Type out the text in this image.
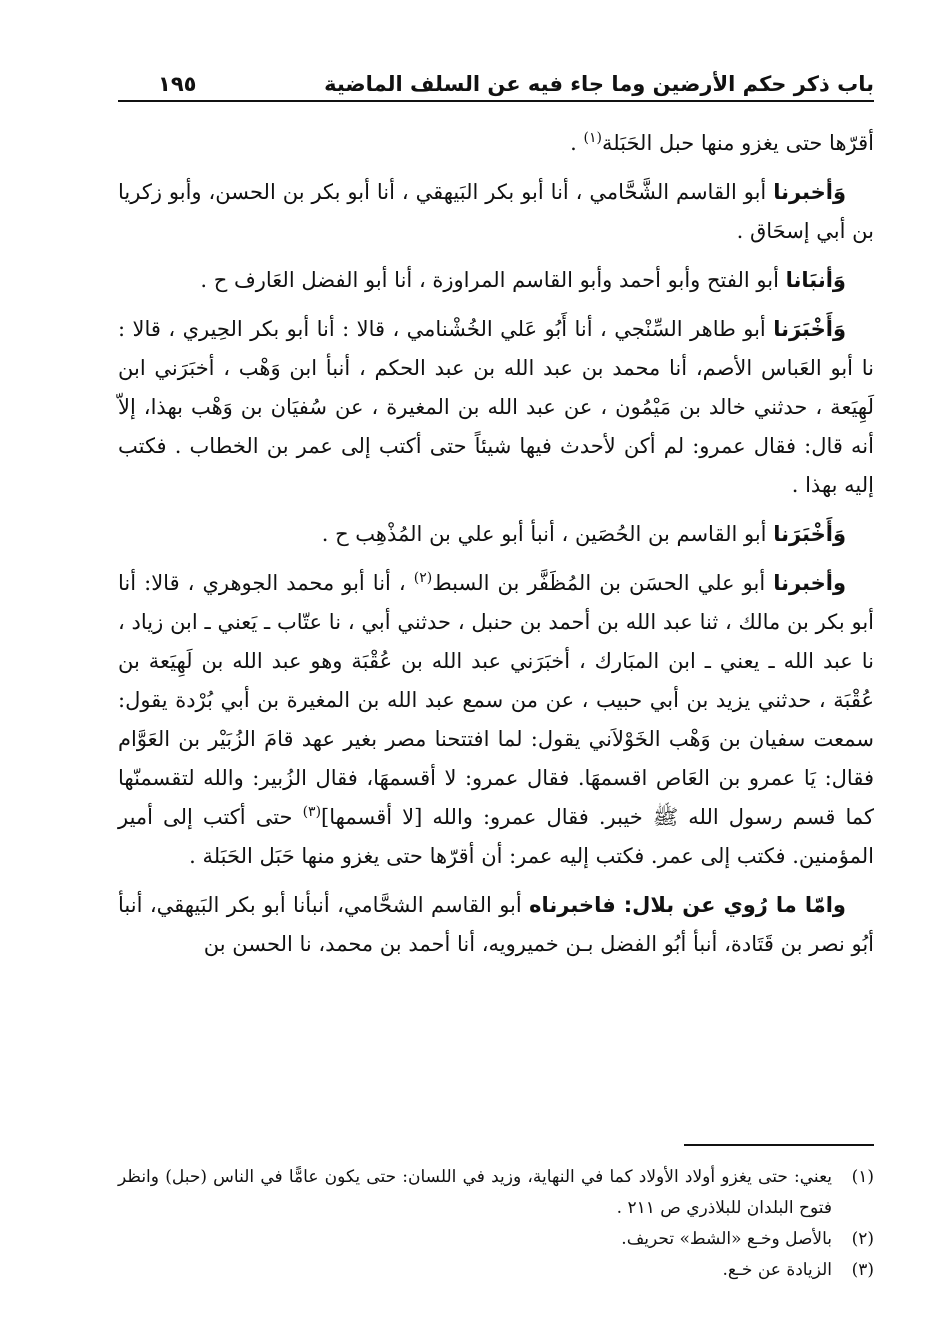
باب ذكر حكم الأرضين وما جاء فيه عن السلف الماضية
١٩٥

أقرّها حتى يغزو منها حبل الحَبَلة$^{(١)}$ .

وَأخبرنا أبو القاسم الشَّحَّامي ، أنا أبو بكر البَيهقي ، أنا أبو بكر بن الحسن، وأبو زكريا بن أبي إسحَاق .

وَأنبَانا أبو الفتح وأبو أحمد وأبو القاسم المراوزة ، أنا أبو الفضل العَارف ح .

وَأَخْبَرَنا أبو طاهر السِّنْجي ، أنا أَبُو عَلي الخُشْنامي ، قالا : أنا أبو بكر الحِيري ، قالا : نا أبو العَباس الأصم، أنا محمد بن عبد الله بن عبد الحكم ، أنبأ ابن وَهْب ، أخبَرَني ابن لَهِيَعة ، حدثني خالد بن مَيْمُون ، عن عبد الله بن المغيرة ، عن سُفيَان بن وَهْب بهذا، إلاّ أنه قال: فقال عمرو: لم أكن لأحدث فيها شيئاً حتى أكتب إلى عمر بن الخطاب . فكتب إليه بهذا .

وَأَخْبَرَنا أبو القاسم بن الحُصَين ، أنبأ أبو علي بن المُذْهِب ح .

وأخبرنا أبو علي الحسَن بن المُظَفَّر بن السبط$^{(٢)}$ ، أنا أبو محمد الجوهري ، قالا: أنا أبو بكر بن مالك ، ثنا عبد الله بن أحمد بن حنبل ، حدثني أبي ، نا عتّاب ـ يَعني ـ ابن زياد ، نا عبد الله ـ يعني ـ ابن المبَارك ، أخبَرَني عبد الله بن عُقْبَة وهو عبد الله بن لَهِيَعة بن عُقْبَة ، حدثني يزيد بن أبي حبيب ، عن من سمع عبد الله بن المغيرة بن أبي بُرْدة يقول: سمعت سفيان بن وَهْب الخَوْلاَني يقول: لما افتتحنا مصر بغير عهد قامَ الزُبَيْر بن العَوَّام فقال: يَا عمرو بن العَاص اقسمهَا. فقال عمرو: لا أقسمهَا، فقال الزُبير: والله لتقسمنّها كما قسم رسول الله ﷺ خيبر. فقال عمرو: والله [لا أقسمها]$^{(٣)}$ حتى أكتب إلى أمير المؤمنين. فكتب إلى عمر. فكتب إليه عمر: أن أقرّها حتى يغزو منها حَبَل الحَبَلة .

وامّا ما رُوي عن بلال: فاخبرناه أبو القاسم الشحَّامي، أنبأنا أبو بكر البَيهقي، أنبأ أبُو نصر بن قَتَادة، أنبأ أبُو الفضل بـن خميرويه، أنا أحمد بن محمد، نا الحسن بن

(١)
يعني: حتى يغزو أولاد الأولاد كما في النهاية، وزيد في اللسان: حتى يكون عامًّا في الناس (حبل) وانظر فتوح البلدان للبلاذري ص ٢١١ .

(٢)
بالأصل وخـع «الشط» تحريف.

(٣)
الزيادة عن خـع.
